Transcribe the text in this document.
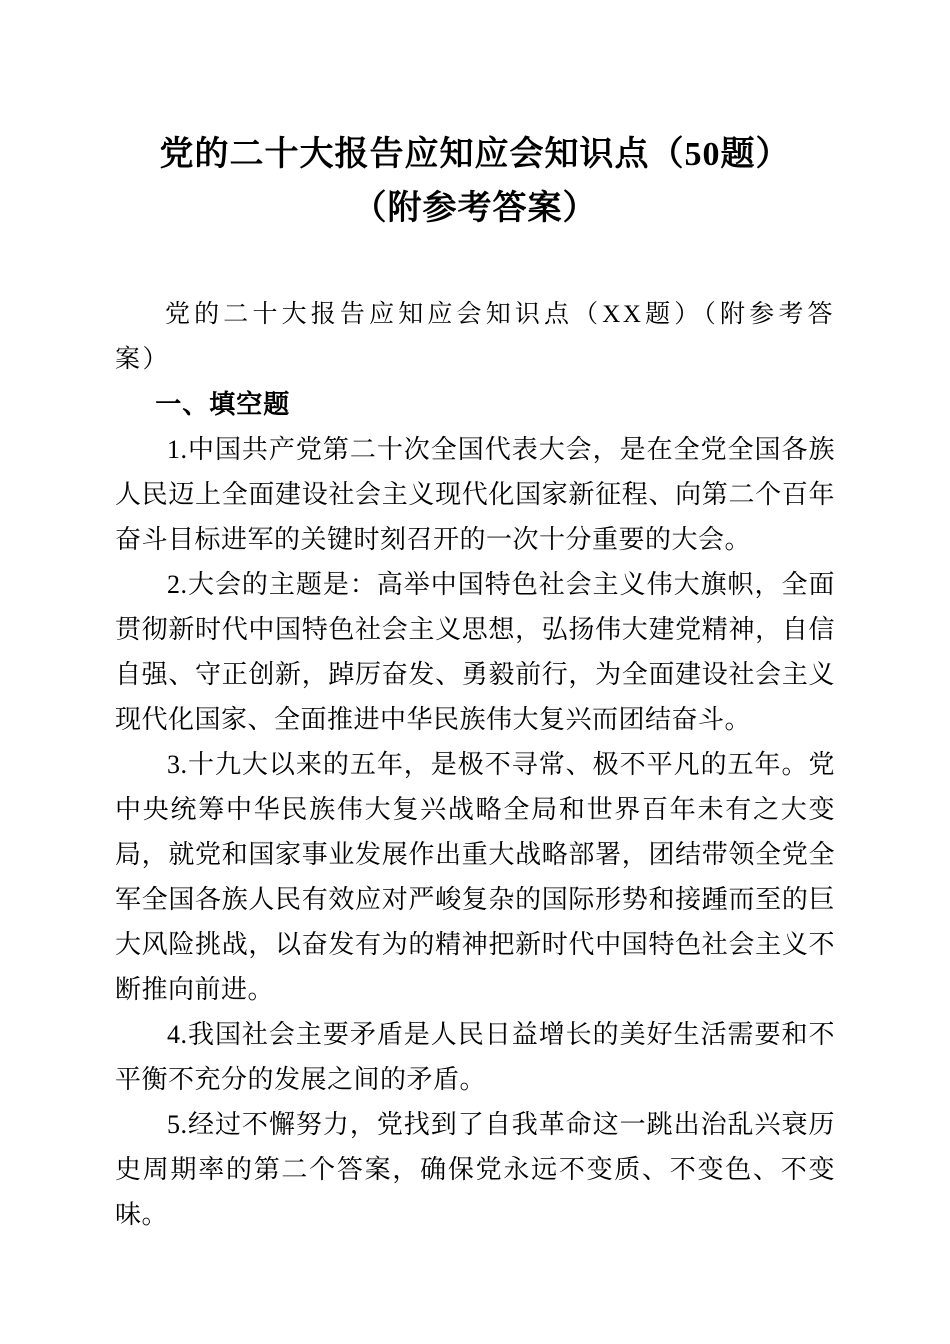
党的二十大报告应知应会知识点（50题）
（附参考答案）

党的二十大报告应知应会知识点（XX题）（附参考答案）

一、填空题

1.中国共产党第二十次全国代表大会，是在全党全国各族人民迈上全面建设社会主义现代化国家新征程、向第二个百年奋斗目标进军的关键时刻召开的一次十分重要的大会。

2.大会的主题是：高举中国特色社会主义伟大旗帜，全面贯彻新时代中国特色社会主义思想，弘扬伟大建党精神，自信自强、守正创新，踔厉奋发、勇毅前行，为全面建设社会主义现代化国家、全面推进中华民族伟大复兴而团结奋斗。

3.十九大以来的五年，是极不寻常、极不平凡的五年。党中央统筹中华民族伟大复兴战略全局和世界百年未有之大变局，就党和国家事业发展作出重大战略部署，团结带领全党全军全国各族人民有效应对严峻复杂的国际形势和接踵而至的巨大风险挑战，以奋发有为的精神把新时代中国特色社会主义不断推向前进。

4.我国社会主要矛盾是人民日益增长的美好生活需要和不平衡不充分的发展之间的矛盾。

5.经过不懈努力，党找到了自我革命这一跳出治乱兴衰历史周期率的第二个答案，确保党永远不变质、不变色、不变味。
